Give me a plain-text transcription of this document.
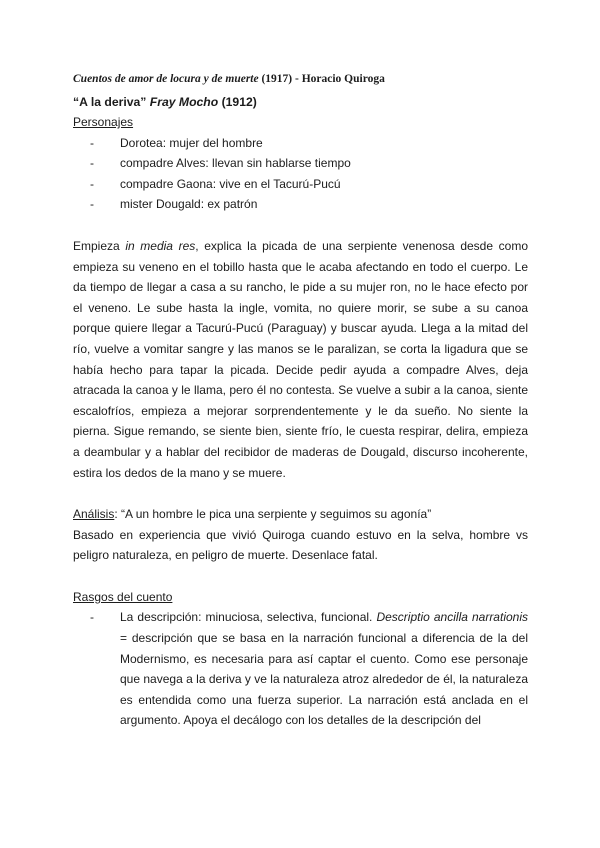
Cuentos de amor de locura y de muerte (1917) - Horacio Quiroga
“A la deriva” Fray Mocho (1912)
Personajes
- Dorotea: mujer del hombre
- compadre Alves: llevan sin hablarse tiempo
- compadre Gaona: vive en el Tacurú-Pucú
- mister Dougald: ex patrón
Empieza in media res, explica la picada de una serpiente venenosa desde como empieza su veneno en el tobillo hasta que le acaba afectando en todo el cuerpo. Le da tiempo de llegar a casa a su rancho, le pide a su mujer ron, no le hace efecto por el veneno. Le sube hasta la ingle, vomita, no quiere morir, se sube a su canoa porque quiere llegar a Tacurú-Pucú (Paraguay) y buscar ayuda. Llega a la mitad del río, vuelve a vomitar sangre y las manos se le paralizan, se corta la ligadura que se había hecho para tapar la picada. Decide pedir ayuda a compadre Alves, deja atracada la canoa y le llama, pero él no contesta. Se vuelve a subir a la canoa, siente escalofríos, empieza a mejorar sorprendentemente y le da sueño. No siente la pierna. Sigue remando, se siente bien, siente frío, le cuesta respirar, delira, empieza a deambular y a hablar del recibidor de maderas de Dougald, discurso incoherente, estira los dedos de la mano y se muere.
Análisis: “A un hombre le pica una serpiente y seguimos su agonía”
Basado en experiencia que vivió Quiroga cuando estuvo en la selva, hombre vs peligro naturaleza, en peligro de muerte. Desenlace fatal.
Rasgos del cuento
- La descripción: minuciosa, selectiva, funcional. Descriptio ancilla narrationis = descripción que se basa en la narración funcional a diferencia de la del Modernismo, es necesaria para así captar el cuento. Como ese personaje que navega a la deriva y ve la naturaleza atroz alrededor de él, la naturaleza es entendida como una fuerza superior. La narración está anclada en el argumento. Apoya el decálogo con los detalles de la descripción del
